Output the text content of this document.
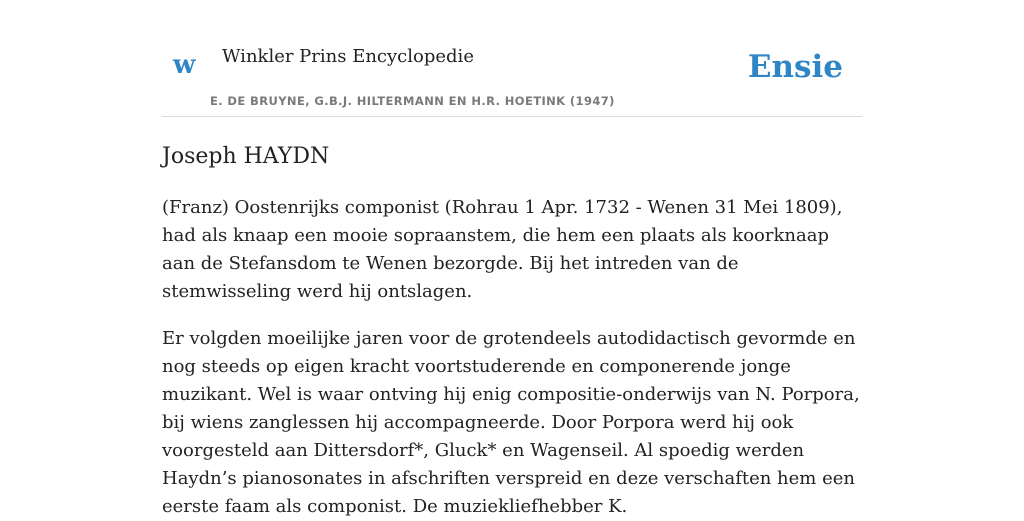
w Winkler Prins Encyclopedie
E. DE BRUYNE, G.B.J. HILTERMANN EN H.R. HOETINK (1947)
Ensie
Joseph HAYDN

(Franz) Oostenrijks componist (Rohrau 1 Apr. 1732 - Wenen 31 Mei 1809), had als knaap een mooie sopraanstem, die hem een plaats als koorknaap aan de Stefansdom te Wenen bezorgde. Bij het intreden van de stemwisseling werd hij ontslagen.

Er volgden moeilijke jaren voor de grotendeels autodidactisch gevormde en nog steeds op eigen kracht voortstuderende en componerende jonge muzikant. Wel is waar ontving hij enig compositie-onderwijs van N. Porpora, bij wiens zanglessen hij accompagneerde. Door Porpora werd hij ook voorgesteld aan Dittersdorf*, Gluck* en Wagenseil. Al spoedig werden Haydn’s pianosonates in afschriften verspreid en deze verschaften hem een eerste faam als componist. De muziekliefhebber K.
